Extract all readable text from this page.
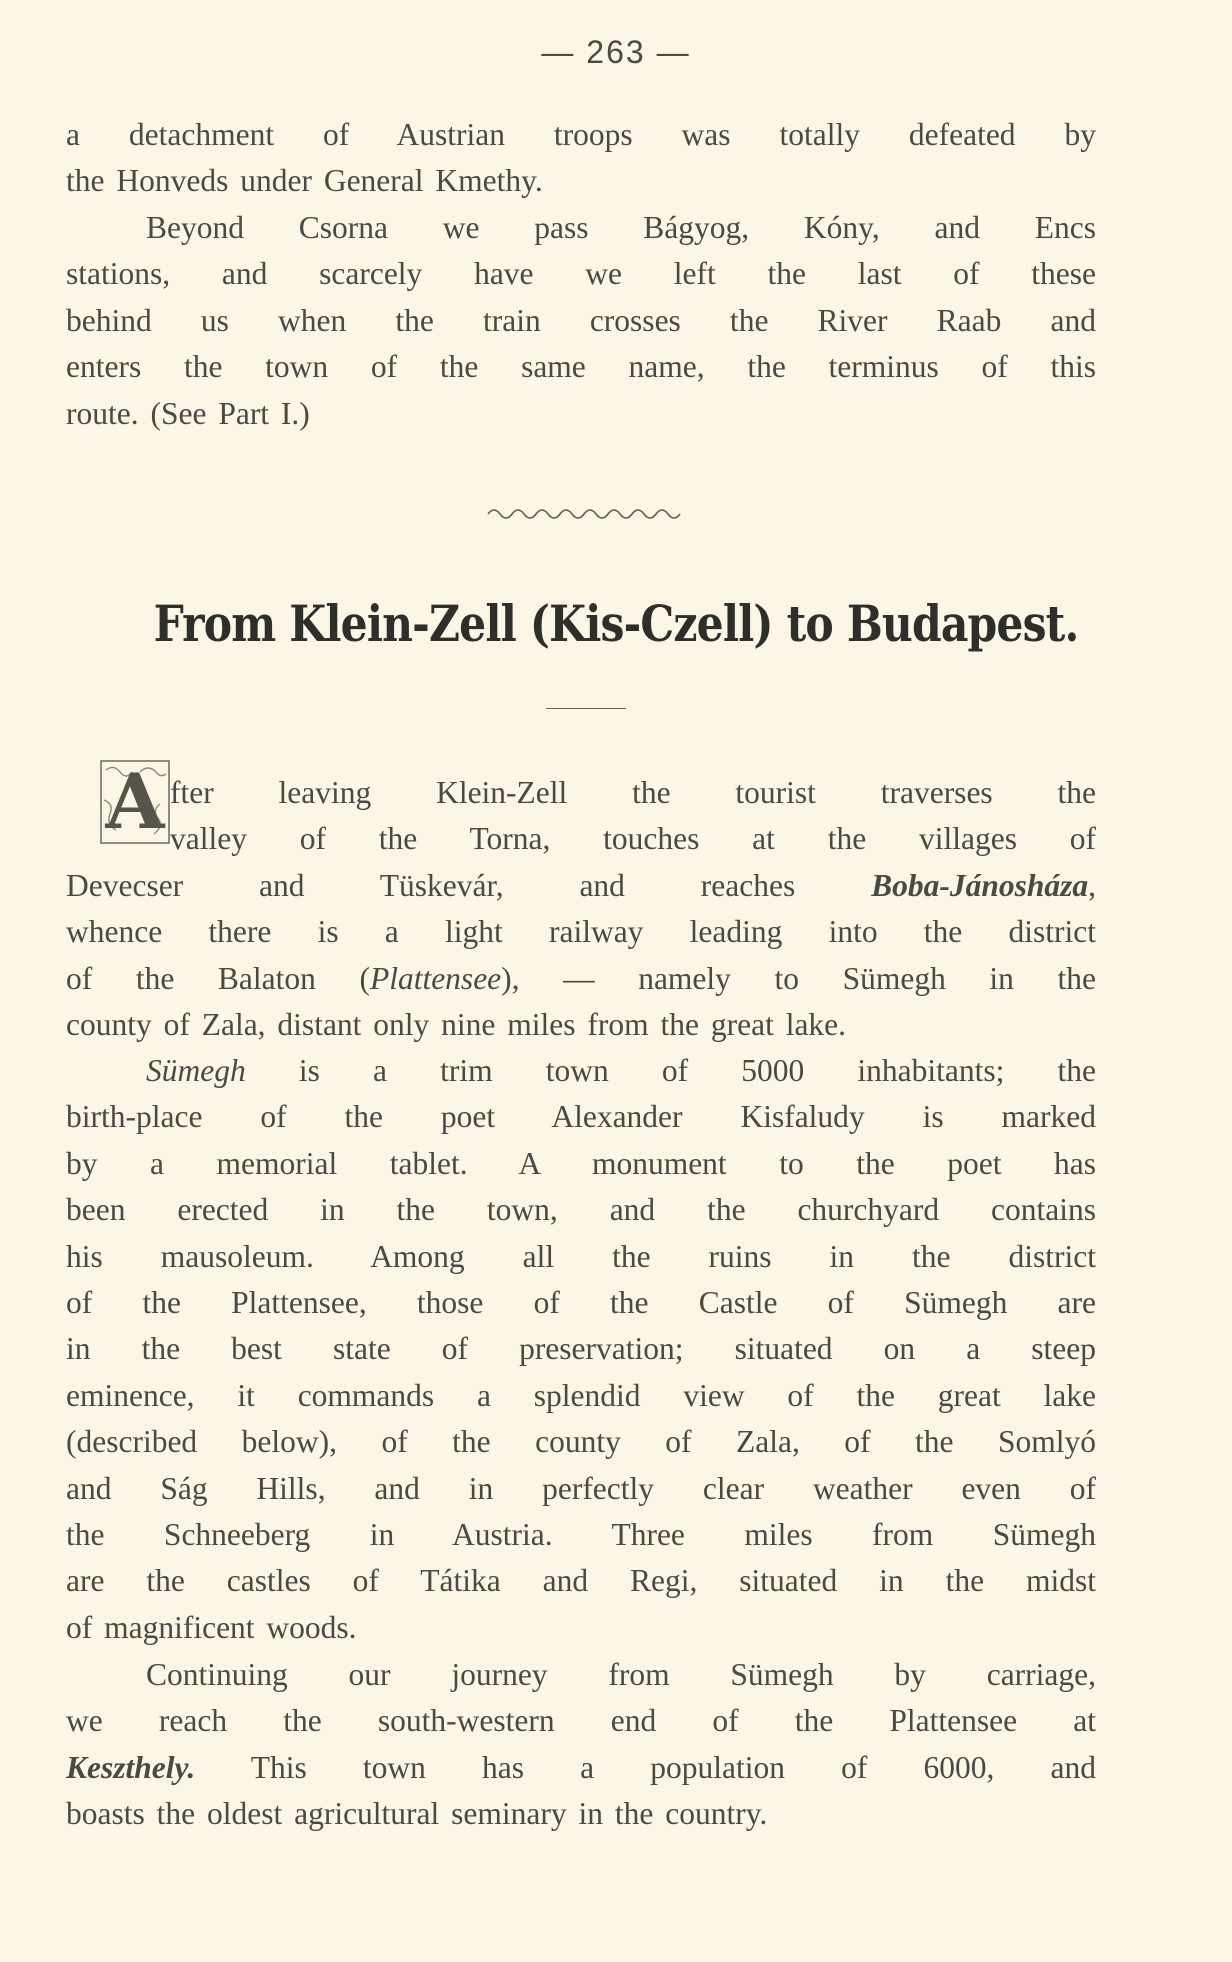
— 263 —
a detachment of Austrian troops was totally defeated by
the Honveds under General Kmethy.
Beyond Csorna we pass Bágyog, Kóny, and Encs
stations, and scarcely have we left the last of these
behind us when the train crosses the River Raab and
enters the town of the same name, the terminus of this
route. (See Part I.)
From Klein-Zell (Kis-Czell) to Budapest.
A fter leaving Klein-Zell the tourist traverses the
valley of the Torna, touches at the villages of
Devecser and Tüskevár, and reaches Boba-Jánosháza,
whence there is a light railway leading into the district
of the Balaton (Plattensee), — namely to Sümegh in the
county of Zala, distant only nine miles from the great lake.
Sümegh is a trim town of 5000 inhabitants; the
birth-place of the poet Alexander Kisfaludy is marked
by a memorial tablet. A monument to the poet has
been erected in the town, and the churchyard contains
his mausoleum. Among all the ruins in the district
of the Plattensee, those of the Castle of Sümegh are
in the best state of preservation; situated on a steep
eminence, it commands a splendid view of the great lake
(described below), of the county of Zala, of the Somlyó
and Ság Hills, and in perfectly clear weather even of
the Schneeberg in Austria. Three miles from Sümegh
are the castles of Tátika and Regi, situated in the midst
of magnificent woods.
Continuing our journey from Sümegh by carriage,
we reach the south-western end of the Plattensee at
Keszthely. This town has a population of 6000, and
boasts the oldest agricultural seminary in the country.
